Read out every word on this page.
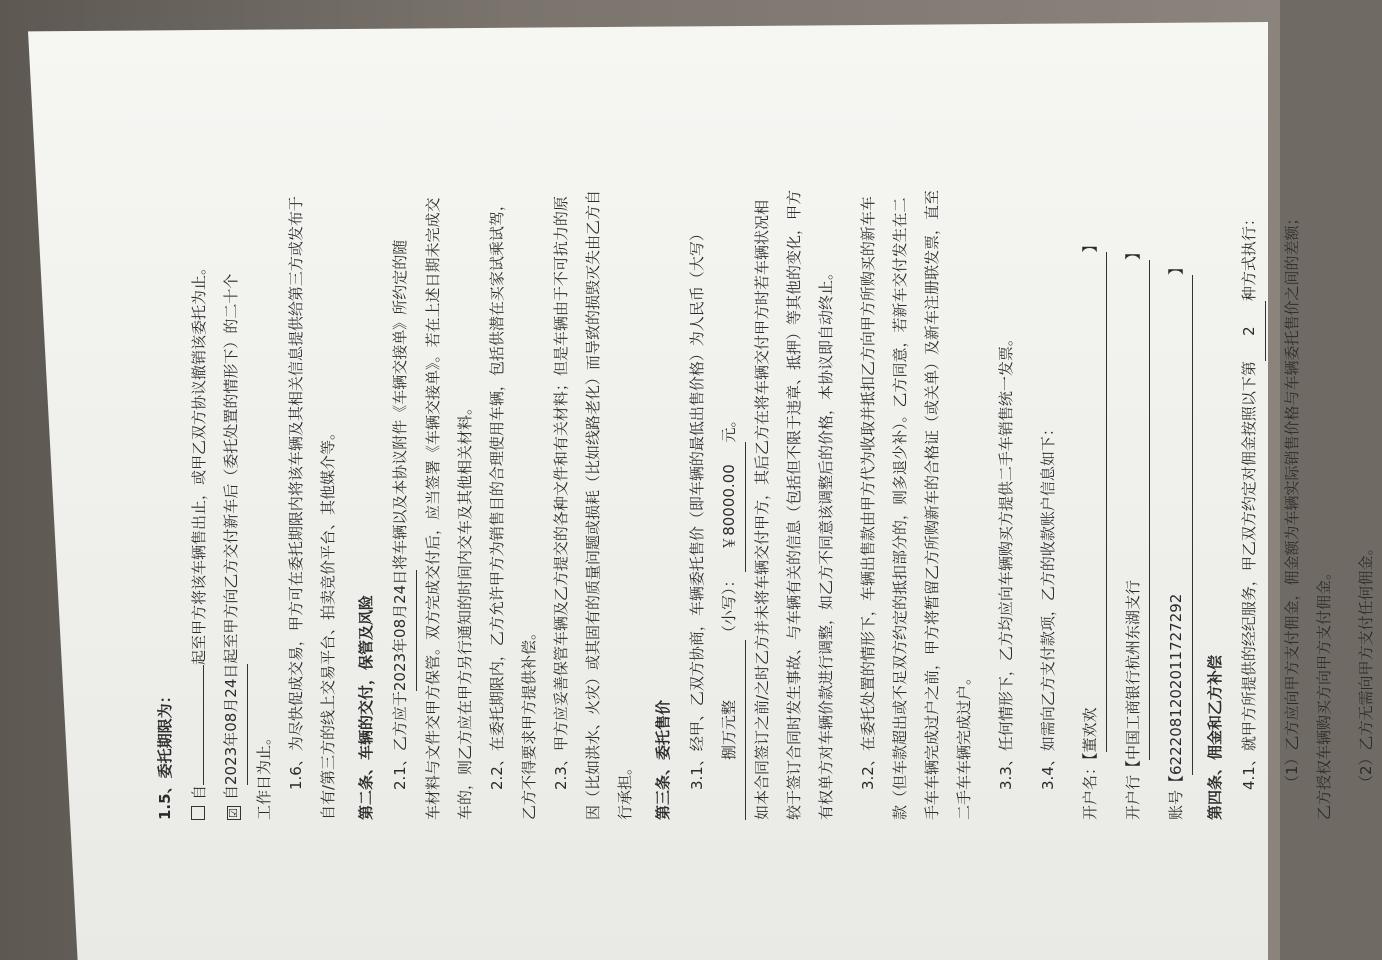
1.5、委托期限为：	自起至甲方将该车辆售出止，或甲乙双方协议撤销该委托为止。

☑自2023年08月24日起至甲方向乙方交付新车后（委托处置的情形下）的二十个

工作日为止。 1.6、为尽快促成交易，甲方可在委托期限内将该车辆及其相关信息提供给第三方或发布于 自有/第三方的线上交易平台、拍卖竞价平台、其他媒介等。	第二条、车辆的交付，保管及风险	2.1、乙方应于2023年08月24日将车辆以及本协议附件《车辆交接单》所约定的随	车材料与文件交甲方保管。双方完成交付后，应当签署《车辆交接单》。若在上述日期未完成交 车的，则乙方应在甲方另行通知的时间内交车及其他相关材料。 2.2、在委托期限内，乙方允许甲方为销售目的合理使用车辆，包括供潜在买家试乘试驾， 乙方不得要求甲方提供补偿。 2.3、甲方应妥善保管车辆及乙方提交的各种文件和有关材料；但是车辆由于不可抗力的原 因（比如洪水、火灾）或其固有的质量问题或损耗（比如线路老化）而导致的损毁灭失由乙方自 行承担。	第三条、委托售价	3.1、经甲、乙双方协商，车辆委托售价（即车辆的最低出售价格）为人民币（大写） 捌万元整（小写）：￥80000.00元。	如本合同签订之前/之时乙方并未将车辆交付甲方，其后乙方在将车辆交付甲方时若车辆状况相 较于签订合同时发生事故、与车辆有关的信息（包括但不限于违章、抵押）等其他的变化，甲方 有权单方对车辆价款进行调整，如乙方不同意该调整后的价格，本协议即自动终止。	3.2、在委托处置的情形下，车辆出售款由甲方代为收取并抵扣乙方向甲方所购买的新车车 款（但车款超出或不足双方约定的抵扣部分的，则多退少补）。乙方同意，若新车交付发生在二 手车车辆完成过户之前，甲方将暂留乙方所购新车的合格证（或关单）及新车注册联发票，直至 二手车车辆完成过户。	3.3、任何情形下，乙方均应向车辆购买方提供二手车销售统一发票。	3.4、如需向乙方支付款项，乙方的收款账户信息如下：	开户名：【董欢欢】

开户行【中国工商银行杭州东湖支行】

账号【6222081202011727292】

第四条、佣金和乙方补偿	4.1、就甲方所提供的经纪服务，甲乙双方约定对佣金按照以下第2种方式执行：	（1）乙方应向甲方支付佣金，佣金额为车辆实际销售价格与车辆委托售价之间的差额； 乙方授权车辆购买方向甲方支付佣金。	（2）乙方无需向甲方支付任何佣金。
